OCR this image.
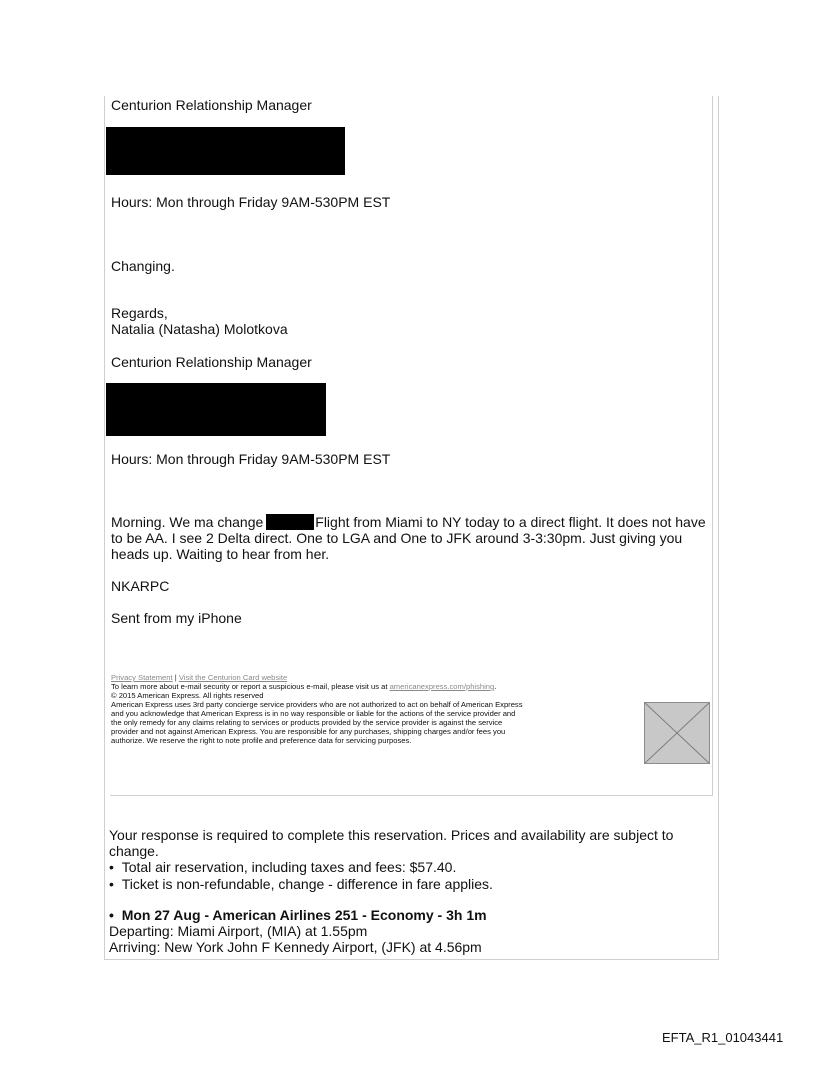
Centurion Relationship Manager
Hours: Mon through Friday 9AM-530PM EST
Changing.
Regards,
Natalia (Natasha) Molotkova
Centurion Relationship Manager
Hours: Mon through Friday 9AM-530PM EST
Morning. We ma change	Flight from Miami to NY today to a direct flight. It does not have
to be AA. I see 2 Delta direct. One to LGA and One to JFK around 3-3:30pm. Just giving you
heads up. Waiting to hear from her.
NKARPC
Sent from my iPhone
Privacy Statement | Visit the Centurion Card website
To learn more about e-mail security or report a suspicious e-mail, please visit us at americanexpress.com/phishing.
© 2015 American Express. All rights reserved
American Express uses 3rd party concierge service providers who are not authorized to act on behalf of American Express
and you acknowledge that American Express is in no way responsible or liable for the actions of the service provider and
the only remedy for any claims relating to services or products provided by the service provider is against the service
provider and not against American Express. You are responsible for any purchases, shipping charges and/or fees you
authorize. We reserve the right to note profile and preference data for servicing purposes.
Your response is required to complete this reservation. Prices and availability are subject to
change.
•  Total air reservation, including taxes and fees: $57.40.
•  Ticket is non-refundable, change - difference in fare applies.
•  Mon 27 Aug - American Airlines 251 - Economy - 3h 1m
Departing: Miami Airport, (MIA) at 1.55pm
Arriving: New York John F Kennedy Airport, (JFK) at 4.56pm
EFTA_R1_01043441
